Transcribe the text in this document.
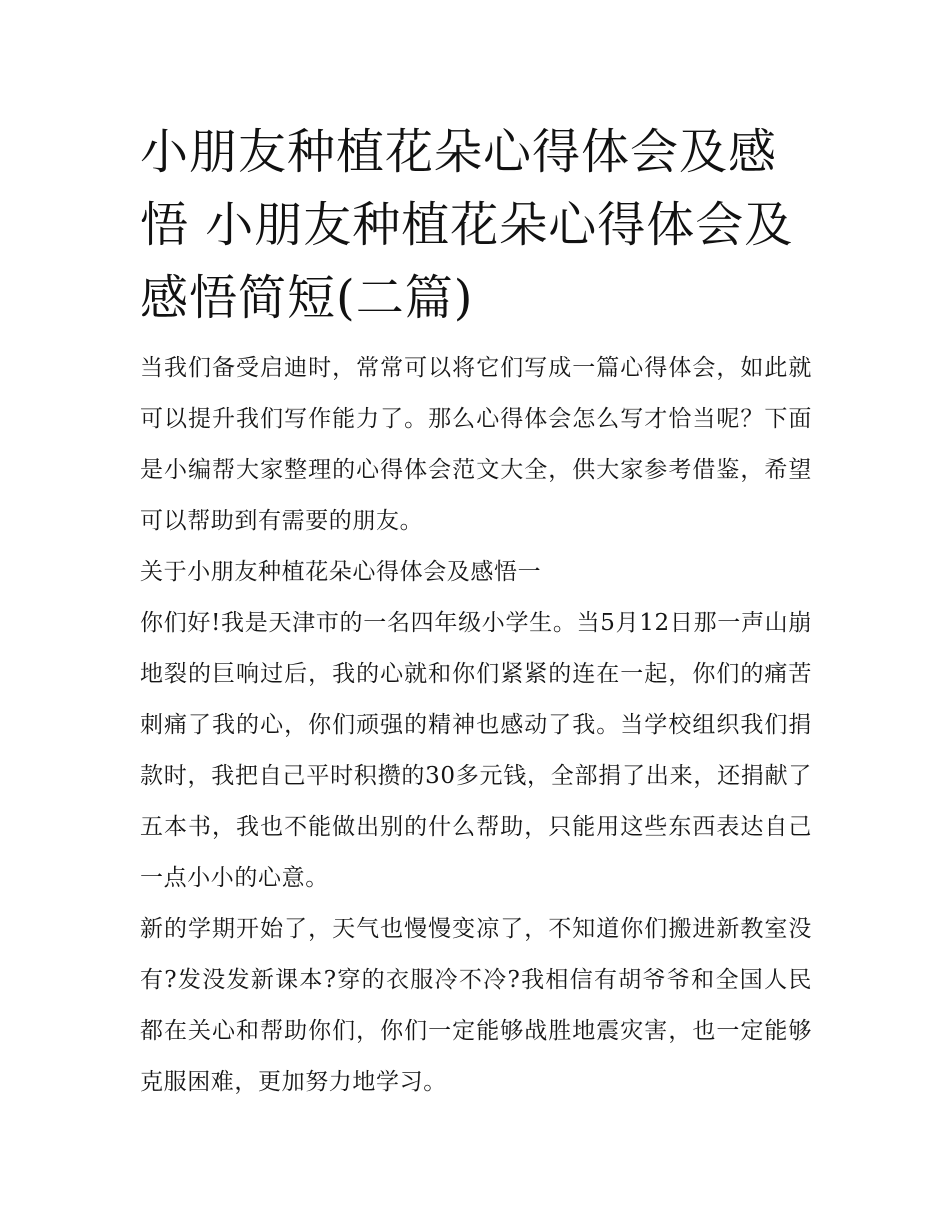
小朋友种植花朵心得体会及感悟 小朋友种植花朵心得体会及感悟简短(二篇)

当我们备受启迪时，常常可以将它们写成一篇心得体会，如此就可以提升我们写作能力了。那么心得体会怎么写才恰当呢？下面是小编帮大家整理的心得体会范文大全，供大家参考借鉴，希望可以帮助到有需要的朋友。

关于小朋友种植花朵心得体会及感悟一

你们好!我是天津市的一名四年级小学生。当5月12日那一声山崩地裂的巨响过后，我的心就和你们紧紧的连在一起，你们的痛苦刺痛了我的心，你们顽强的精神也感动了我。当学校组织我们捐款时，我把自己平时积攒的30多元钱，全部捐了出来，还捐献了五本书，我也不能做出别的什么帮助，只能用这些东西表达自己一点小小的心意。

新的学期开始了，天气也慢慢变凉了，不知道你们搬进新教室没有?发没发新课本?穿的衣服冷不冷?我相信有胡爷爷和全国人民都在关心和帮助你们，你们一定能够战胜地震灾害，也一定能够克服困难，更加努力地学习。
